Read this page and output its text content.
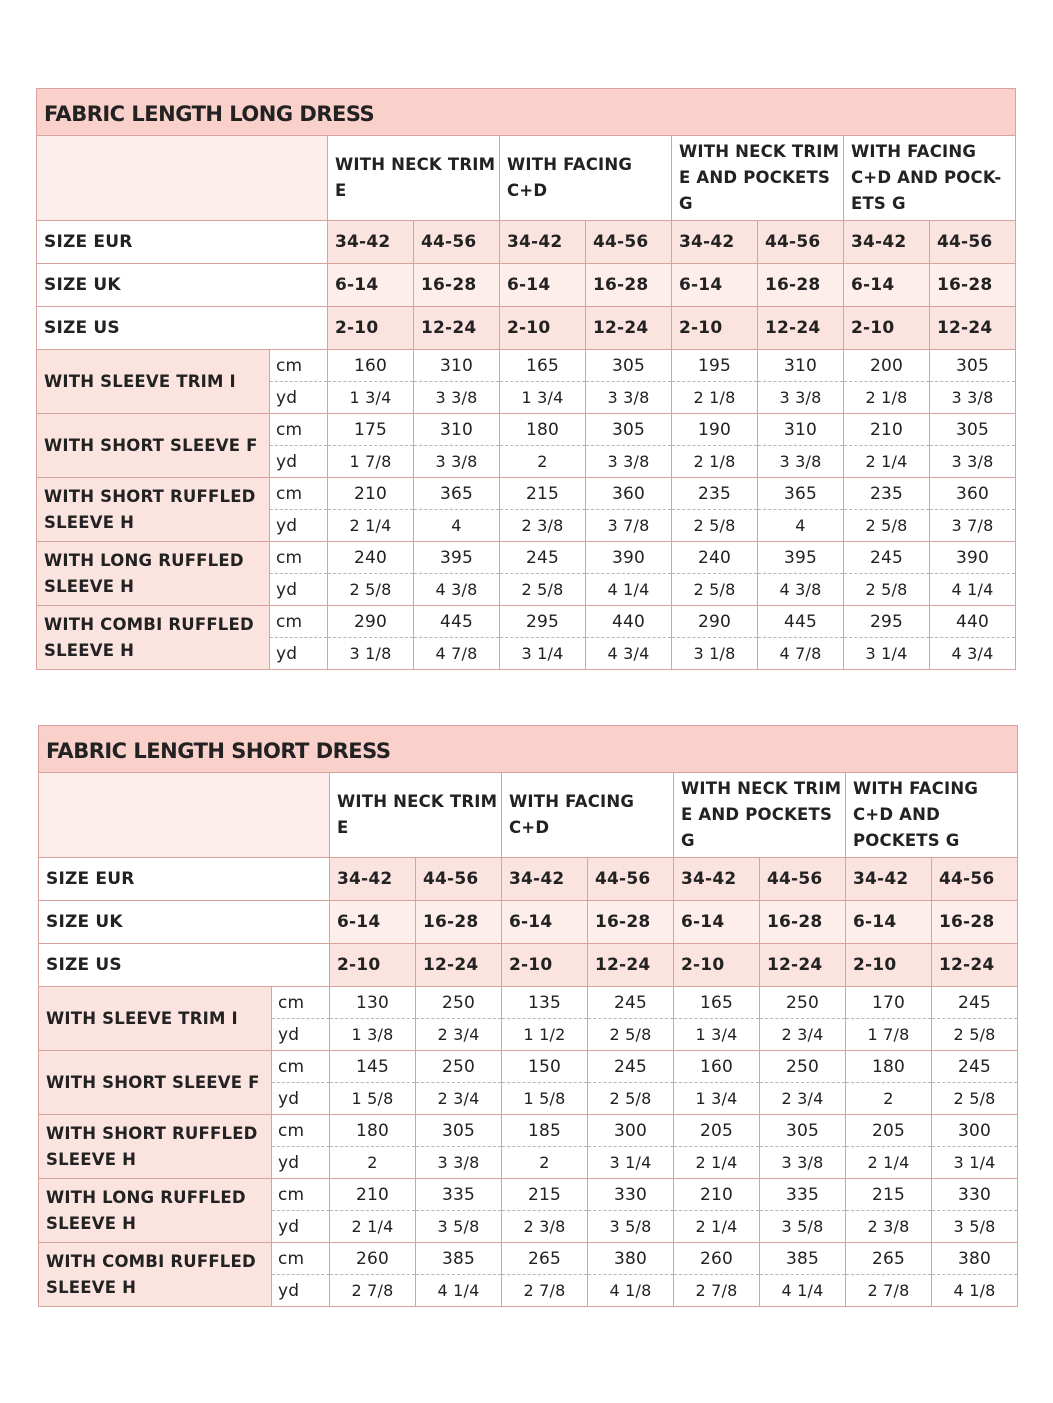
FABRIC LENGTH LONG DRESS									
		WITH NECK TRIM E		WITH FACING C+D		WITH NECK TRIM E AND POCKETS G		WITH FACING C+D AND POCK-ETS G	
SIZE EUR		34-42	44-56	34-42	44-56	34-42	44-56	34-42	44-56
SIZE UK		6-14	16-28	6-14	16-28	6-14	16-28	6-14	16-28
SIZE US		2-10	12-24	2-10	12-24	2-10	12-24	2-10	12-24
WITH SLEEVE TRIM I	cm	160	310	165	305	195	310	200	305
	yd	1 3/4	3 3/8	1 3/4	3 3/8	2 1/8	3 3/8	2 1/8	3 3/8
WITH SHORT SLEEVE F	cm	175	310	180	305	190	310	210	305
	yd	1 7/8	3 3/8	2	3 3/8	2 1/8	3 3/8	2 1/4	3 3/8
WITH SHORT RUFFLED SLEEVE H	cm	210	365	215	360	235	365	235	360
	yd	2 1/4	4	2 3/8	3 7/8	2 5/8	4	2 5/8	3 7/8
WITH LONG RUFFLED SLEEVE H	cm	240	395	245	390	240	395	245	390
	yd	2 5/8	4 3/8	2 5/8	4 1/4	2 5/8	4 3/8	2 5/8	4 1/4
WITH COMBI RUFFLED SLEEVE H	cm	290	445	295	440	290	445	295	440
	yd	3 1/8	4 7/8	3 1/4	4 3/4	3 1/8	4 7/8	3 1/4	4 3/4
FABRIC LENGTH SHORT DRESS									
		WITH NECK TRIM E		WITH FACING C+D		WITH NECK TRIM E AND POCKETS G		WITH FACING C+D AND POCKETS G	
SIZE EUR		34-42	44-56	34-42	44-56	34-42	44-56	34-42	44-56
SIZE UK		6-14	16-28	6-14	16-28	6-14	16-28	6-14	16-28
SIZE US		2-10	12-24	2-10	12-24	2-10	12-24	2-10	12-24
WITH SLEEVE TRIM I	cm	130	250	135	245	165	250	170	245
	yd	1 3/8	2 3/4	1 1/2	2 5/8	1 3/4	2 3/4	1 7/8	2 5/8
WITH SHORT SLEEVE F	cm	145	250	150	245	160	250	180	245
	yd	1 5/8	2 3/4	1 5/8	2 5/8	1 3/4	2 3/4	2	2 5/8
WITH SHORT RUFFLED SLEEVE H	cm	180	305	185	300	205	305	205	300
	yd	2	3 3/8	2	3 1/4	2 1/4	3 3/8	2 1/4	3 1/4
WITH LONG RUFFLED SLEEVE H	cm	210	335	215	330	210	335	215	330
	yd	2 1/4	3 5/8	2 3/8	3 5/8	2 1/4	3 5/8	2 3/8	3 5/8
WITH COMBI RUFFLED SLEEVE H	cm	260	385	265	380	260	385	265	380
	yd	2 7/8	4 1/4	2 7/8	4 1/8	2 7/8	4 1/4	2 7/8	4 1/8
